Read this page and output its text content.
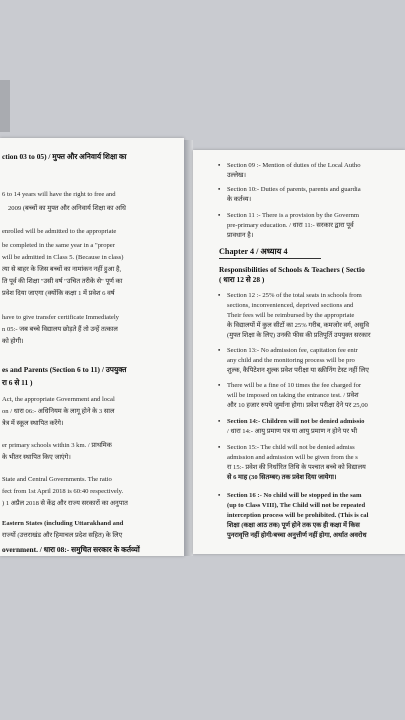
ction 03 to 05) / मुफ्त और अनिवार्य शिक्षा का
6 to 14 years will have the right to free and
2009 (बच्चों का मुफ्त और अनिवार्य शिक्षा का अधि
enrolled will be admitted to the appropriate
be completed in the same year in a "proper
will be admitted in Class 5. (Because in class)
त्या से बाहर के जिस बच्चों का नामांकन नहीं हुआ है,
ति पूर्व की शिक्षा "उसी वर्ष "उचित तरीके से" पूर्ण का
प्रवेश दिया जाएगा (क्योंकि कक्षा 1 में प्रवेश 6 वर्ष
have to give transfer certificate Immediately
n 05:- जब बच्चे विद्यालय छोड़ते हैं तो उन्हें तत्काल
को होगी।
es and Parents (Section 6 to 11) / उपयुक्त
रा 6 से 11 )
Act, the appropriate Government and local
on / धारा 06:- अधिनियम के लागू होने के 3 साल
त्रेत्र में स्कूल स्थापित करेंगे।
er primary schools within 3 km. / प्राथमिक
के भीतर स्थापित किए जाएंगे।
State and Central Governments. The ratio
fect from 1st April 2018 is 60:40 respectively.
) 1 अप्रैल 2018 से केंद्र और राज्य सरकारों का अनुपात
Eastern States (including Uttarakhand and
राज्यों (उत्तराखंड और हिमाचल प्रदेश सहित) के लिए
overnment. / धारा 08:- समुचित सरकार के कर्तव्यों
• Section 09 :- Mention of duties of the Local Autho
उल्लेख।
• Section 10:- Duties of parents, parents and guardia
के कर्तव्य।
• Section 11 :- There is a provision by the Governm
pre-primary education. / धारा 11:- सरकार द्वारा पूर्व
प्रावधान है।
Chapter 4 / अध्याय 4
Responsibilities of Schools & Teachers ( Sectio
( धारा 12 से 28 )
• Section 12 :- 25% of the total seats in schools from
sections, inconvenienced, deprived sections and
Their fees will be reimbursed by the appropriate
के विद्यालयों में कुल सीटों का 25% गरीब, कमजोर वर्ग, असुवि
(मुफ्त शिक्षा के लिए) उनकी फीस की प्रतिपूर्ति उपयुक्त सरकार
• Section 13:- No admission fee, capitation fee entr
any child and the monitoring process will be pro
शुल्क, कैपिटेशन शुल्क प्रवेश परीक्षा या स्क्रीनिंग टेस्ट नहीं लिए
• There will be a fine of 10 times the fee charged for
will be imposed on taking the entrance test. / प्रवेश
और 10 हजार रुपये जुर्माना होगा। प्रवेश परीक्षा देने पर 25,00
• Section 14:- Children will not be denied admissio
/ धारा 14:- आयु प्रमाण पत्र या आयु प्रमाण न होने पर भी
• Section 15:- The child will not be denied admiss
admission and admission will be given from the s
रा 15:- प्रवेश की निर्धारित तिथि के पश्चात बच्चे को विद्यालय
से 6 माह (30 सितम्बर) तक प्रवेश दिया जायेगा।
• Section 16 :- No child will be stopped in the sam
(up to Class VIII), The Child will not be repeated
interception process will be prohibited. (This is cal
शिक्षा (कक्षा आठ तक) पूर्ण होने तक एक ही कक्षा में किस
पुनरावृत्ति नहीं होगी/बच्चा अनुत्तीर्ण नहीं होगा, अर्थात अवरोध
